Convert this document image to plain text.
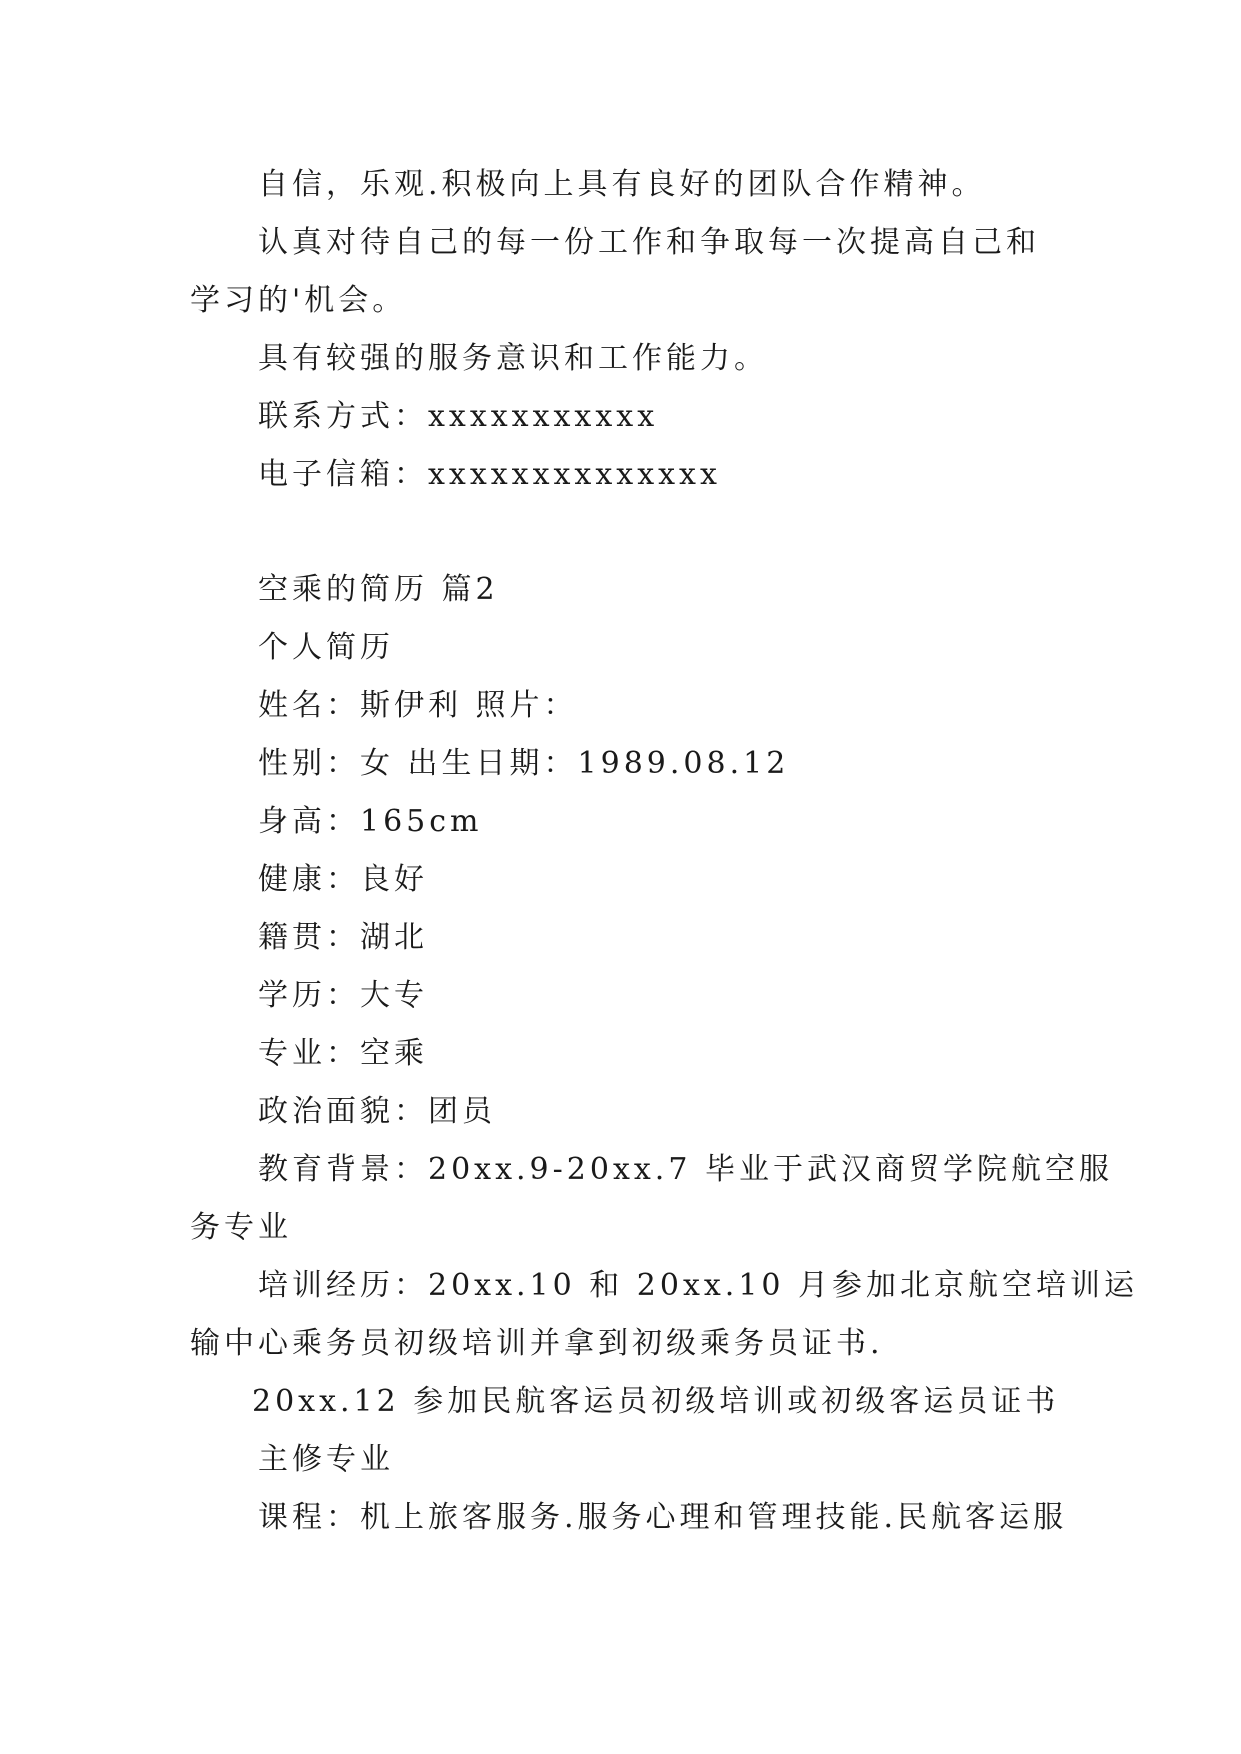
自信，乐观.积极向上具有良好的团队合作精神。
认真对待自己的每一份工作和争取每一次提高自己和
学习的'机会。
具有较强的服务意识和工作能力。
联系方式：xxxxxxxxxxx
电子信箱：xxxxxxxxxxxxxx
空乘的简历 篇2
个人简历
姓名：斯伊利 照片：
性别：女 出生日期：1989.08.12
身高：165cm
健康：良好
籍贯：湖北
学历：大专
专业：空乘
政治面貌：团员
教育背景：20xx.9-20xx.7 毕业于武汉商贸学院航空服
务专业
培训经历：20xx.10 和 20xx.10 月参加北京航空培训运
输中心乘务员初级培训并拿到初级乘务员证书.
20xx.12 参加民航客运员初级培训或初级客运员证书
主修专业
课程：机上旅客服务.服务心理和管理技能.民航客运服
